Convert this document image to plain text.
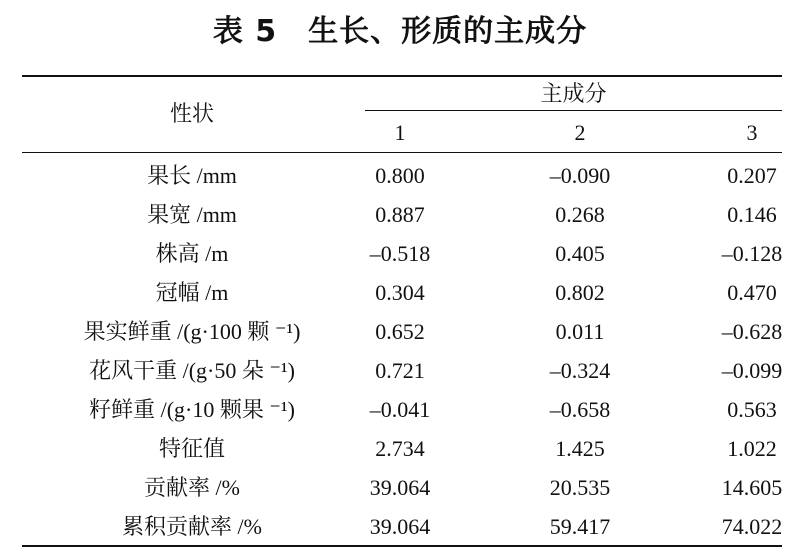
表 5　生长、形质的主成分
性状
主成分
1	2	3
果长 /mm	0.800	–0.090	0.207
果宽 /mm	0.887	0.268	0.146
株高 /m	–0.518	0.405	–0.128
冠幅 /m	0.304	0.802	0.470
果实鲜重 /(g·100 颗 ⁻¹)	0.652	0.011	–0.628
花风干重 /(g·50 朵 ⁻¹)	0.721	–0.324	–0.099
籽鲜重 /(g·10 颗果 ⁻¹)	–0.041	–0.658	0.563
特征值	2.734	1.425	1.022
贡献率 /%	39.064	20.535	14.605
累积贡献率 /%	39.064	59.417	74.022
